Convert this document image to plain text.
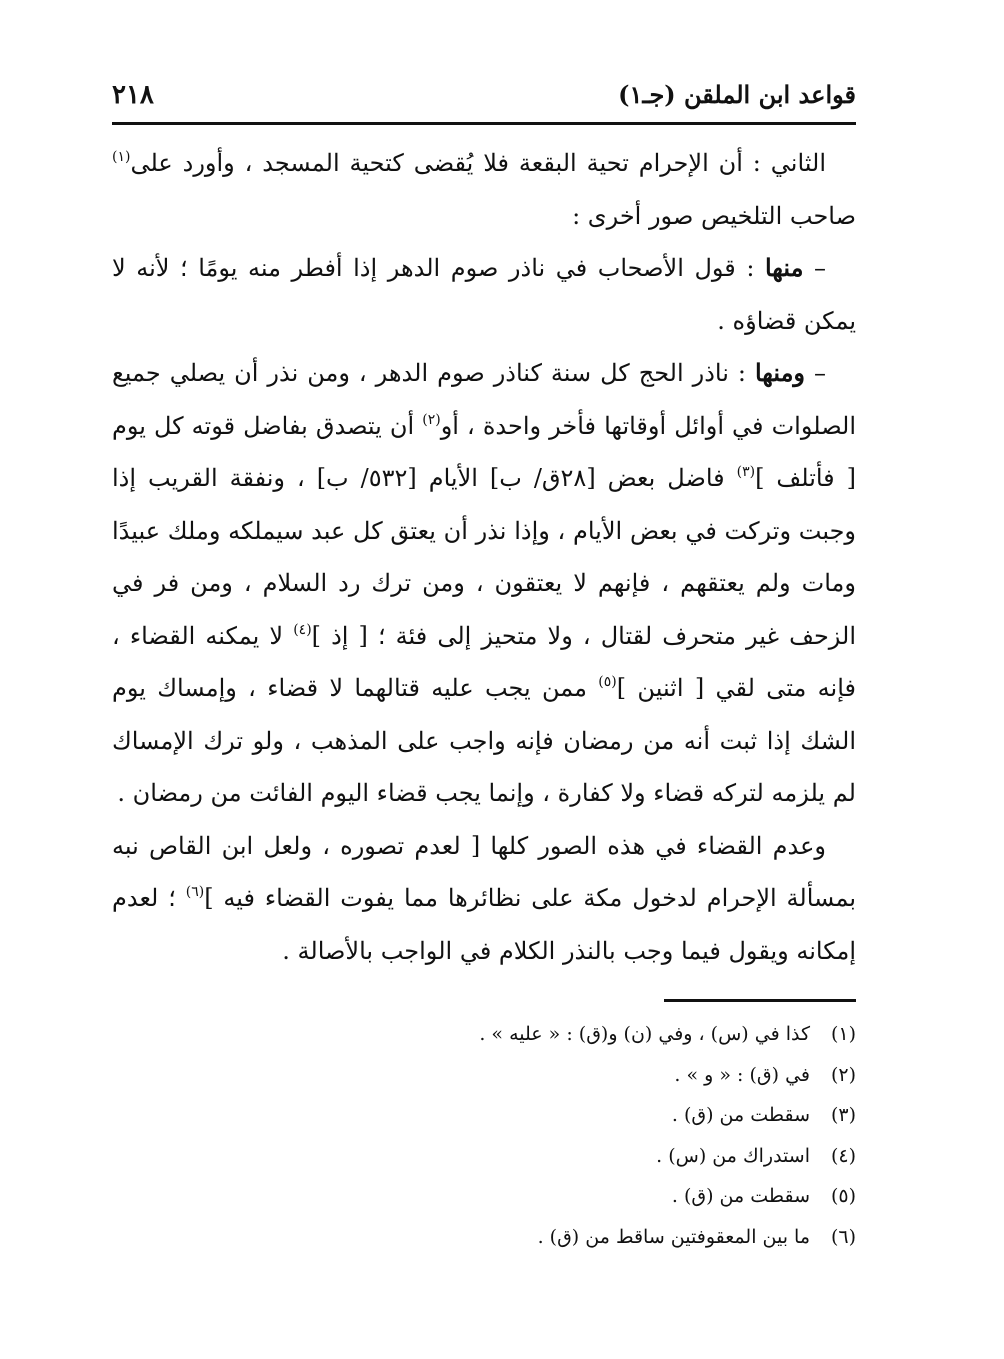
قواعد ابن الملقن (جـ١)
٢١٨

الثاني : أن الإحرام تحية البقعة فلا يُقضى كتحية المسجد ، وأورد على$^{(١)}$ صاحب التلخيص صور أخرى :

– منها : قول الأصحاب في ناذر صوم الدهر إذا أفطر منه يومًا ؛ لأنه لا يمكن قضاؤه .

– ومنها : ناذر الحج كل سنة كناذر صوم الدهر ، ومن نذر أن يصلي جميع الصلوات في أوائل أوقاتها فأخر واحدة ، أو$^{(٢)}$ أن يتصدق بفاضل قوته كل يوم [ فأتلف ]$^{(٣)}$ فاضل بعض [٢٨ق/ ب] الأيام [٥٣٢/ ب] ، ونفقة القريب إذا وجبت وتركت في بعض الأيام ، وإذا نذر أن يعتق كل عبد سيملكه وملك عبيدًا ومات ولم يعتقهم ، فإنهم لا يعتقون ، ومن ترك رد السلام ، ومن فر في الزحف غير متحرف لقتال ، ولا متحيز إلى فئة ؛ [ إذ ]$^{(٤)}$ لا يمكنه القضاء ، فإنه متى لقي [ اثنين ]$^{(٥)}$ ممن يجب عليه قتالهما لا قضاء ، وإمساك يوم الشك إذا ثبت أنه من رمضان فإنه واجب على المذهب ، ولو ترك الإمساك لم يلزمه لتركه قضاء ولا كفارة ، وإنما يجب قضاء اليوم الفائت من رمضان .

وعدم القضاء في هذه الصور كلها [ لعدم تصوره ، ولعل ابن القاص نبه بمسألة الإحرام لدخول مكة على نظائرها مما يفوت القضاء فيه ]$^{(٦)}$ ؛ لعدم إمكانه ويقول فيما وجب بالنذر الكلام في الواجب بالأصالة .

(١)
كذا في (س) ، وفي (ن) و(ق) : « عليه » .
(٢)
في (ق) : « و » .
(٣)
سقطت من (ق) .
(٤)
استدراك من (س) .
(٥)
سقطت من (ق) .
(٦)
ما بين المعقوفتين ساقط من (ق) .
